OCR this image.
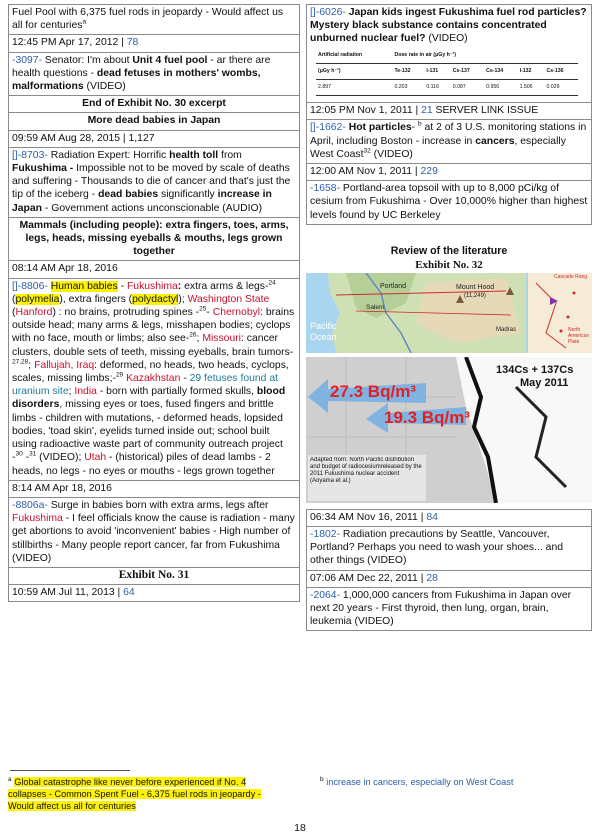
Fuel Pool with 6,375 fuel rods in jeopardy - Would affect us all for centuries$^a$
12:45 PM Apr 17, 2012 | 78
-3097- Senator: I'm about Unit 4 fuel pool - ar there are health questions - dead fetuses in mothers' wombs, malformations (VIDEO)
End of Exhibit No. 30 excerpt
More dead babies in Japan
09:59 AM Aug 28, 2015 | 1,127
[]-8703- Radiation Expert: Horrific health toll from Fukushima - Impossible not to be moved by scale of deaths and suffering - Thousands to die of cancer and that's just the tip of the iceberg - dead babies significantly increase in Japan - Government actions unconscionable (AUDIO)
Mammals (including people): extra fingers, toes, arms, legs, heads, missing eyeballs & mouths, legs grown together
08:14 AM Apr 18, 2016
[]-8806- Human babies - Fukushima: extra arms & legs-$^{24}$ (polymelia), extra fingers (polydactyl); Washington State (Hanford) : no brains, protruding spines -$^{25}$- Chernobyl: brains outside head; many arms & legs, misshapen bodies; cyclops with no face, mouth or limbs; also see-$^{26}$; Missouri: cancer clusters, double sets of teeth, missing eyeballs, brain tumors-$^{27,28}$; Fallujah, Iraq: deformed, no heads, two heads, cyclops, scales, missing limbs;-$^{29}$ Kazakhstan - 29 fetuses found at uranium site; India - born with partially formed skulls, blood disorders, missing eyes or toes, fused fingers and brittle limbs - children with mutations, - deformed heads, lopsided bodies, 'toad skin', eyelids turned inside out; school built using radioactive waste part of community outreach project -$^{30}$ -$^{31}$ (VIDEO); Utah - (historical) piles of dead lambs - 2 heads, no legs - no eyes or mouths - legs grown together
8:14 AM Apr 18, 2016
-8806a- Surge in babies born with extra arms, legs after Fukushima - I feel officials know the cause is radiation - many get abortions to avoid 'inconvenient' babies - High number of stillbirths - Many people report cancer, far from Fukushima (VIDEO)
Exhibit No. 31
10:59 AM Jul 11, 2013 | 64
[]-6026- Japan kids ingest Fukushima fuel rod particles? Mystery black substance contains concentrated unburned nuclear fuel? (VIDEO)
Artificial radiation	Dose rate in air (μGy h⁻¹)					
(μGy h⁻¹)	Te-132	I-131	Cs-137	Cs-134	I-132	Cs-136
2.897	0.203	0.116	0.087	0.956	1.506	0.029
12:05 PM Nov 1, 2011 | 21 SERVER LINK ISSUE
[]-1662- Hot particles- $^b$ at 2 of 3 U.S. monitoring stations in April, including Boston - increase in cancers, especially West Coast$^{32}$ (VIDEO)
12:00 AM Nov 1, 2011 | 229
-1658- Portland-area topsoil with up to 8,000 pCi/kg of cesium from Fukushima - Over 10,000% higher than highest levels found by UC Berkeley
Review of the literature
Exhibit No. 32
Portland	Mount Hood
(11,249)
Salem
Pacific
Ocean
Madras
Cascade Rang
North
American
Plate
27.3 Bq/m³
19.3 Bq/m³
134Cs + 137Cs
May 2011
Adapted from: North Pacific distribution and budget of radiocesiumreleased by the 2011 Fukushima nuclear accident (Aoyama et al.)
06:34 AM Nov 16, 2011 | 84
-1802- Radiation precautions by Seattle, Vancouver, Portland? Perhaps you need to wash your shoes... and other things (VIDEO)
07:06 AM Dec 22, 2011 | 28
-2064- 1,000,000 cancers from Fukushima in Japan over next 20 years - First thyroid, then lung, organ, brain, leukemia (VIDEO)
$^a$ Global catastrophe like never before experienced if No. 4 collapses - Common Spent Fuel - 6,375 fuel rods in jeopardy - Would affect us all for centuries
$^b$ increase in cancers, especially on West Coast
18
